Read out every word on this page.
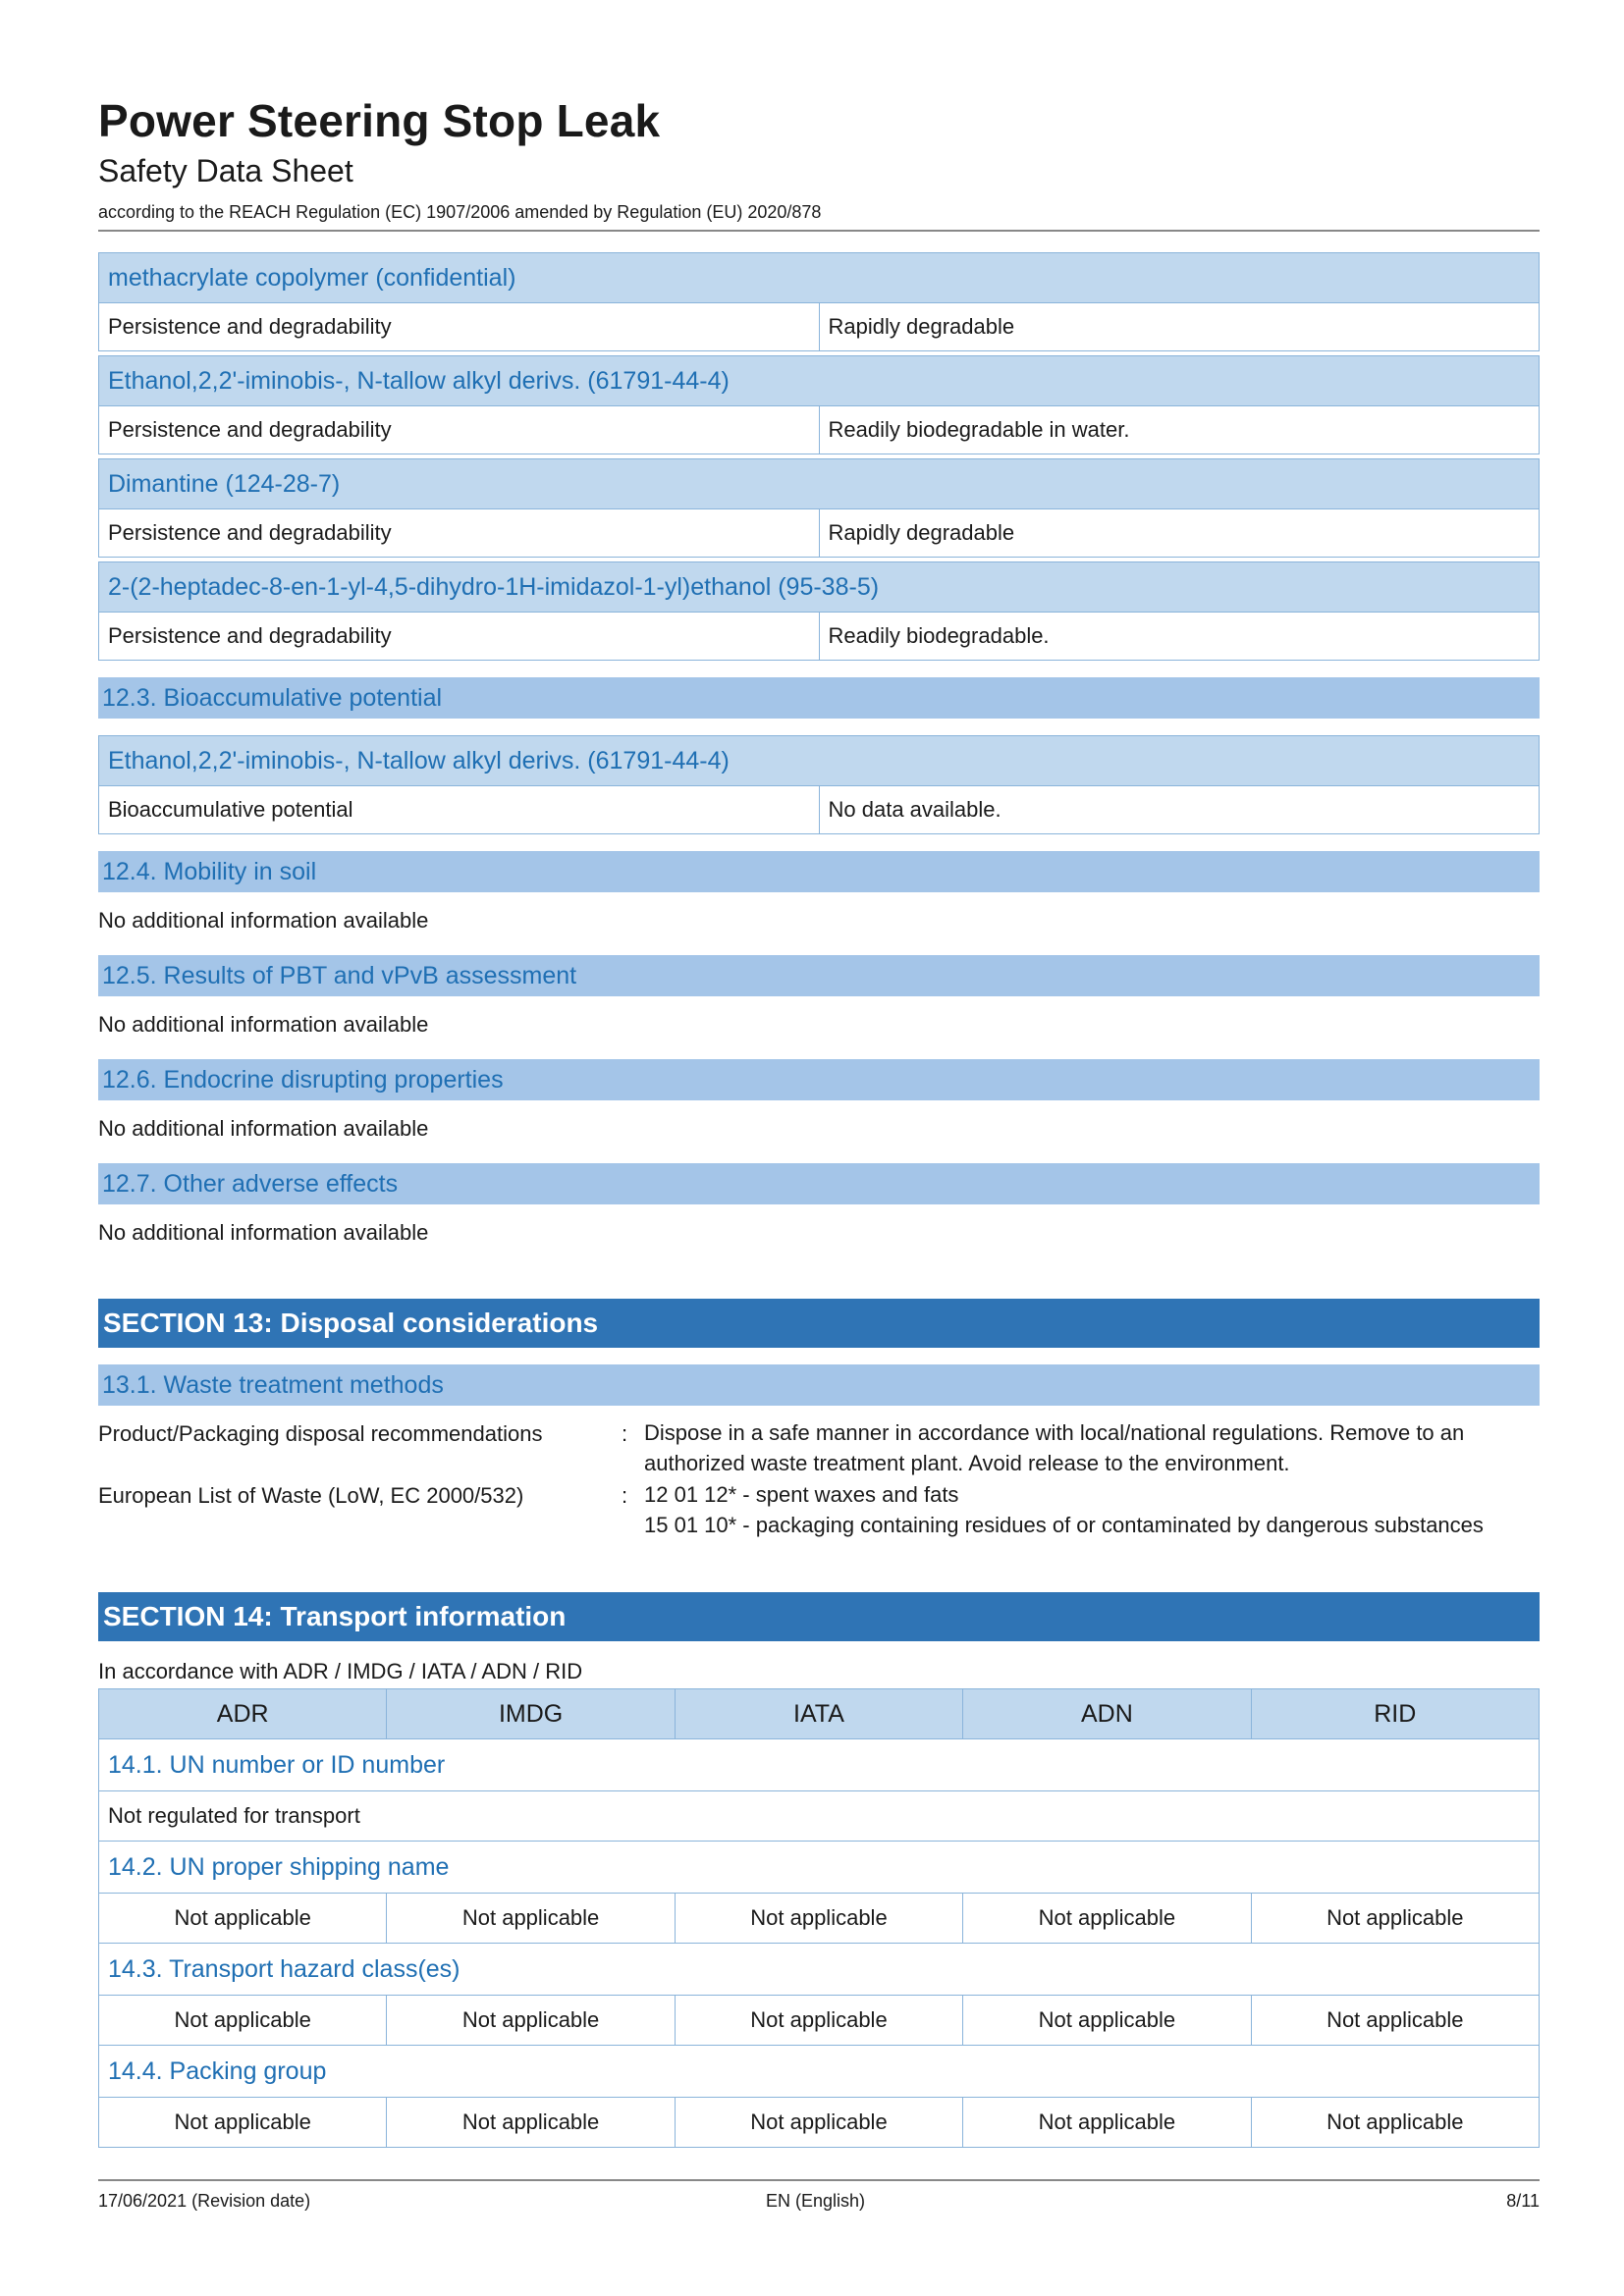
Power Steering Stop Leak
Safety Data Sheet
according to the REACH Regulation (EC) 1907/2006 amended by Regulation (EU) 2020/878
methacrylate copolymer (confidential)
Persistence and degradability	Rapidly degradable
Ethanol,2,2'-iminobis-, N-tallow alkyl derivs. (61791-44-4)
Persistence and degradability	Readily biodegradable in water.
Dimantine (124-28-7)
Persistence and degradability	Rapidly degradable
2-(2-heptadec-8-en-1-yl-4,5-dihydro-1H-imidazol-1-yl)ethanol (95-38-5)
Persistence and degradability	Readily biodegradable.
12.3. Bioaccumulative potential
Ethanol,2,2'-iminobis-, N-tallow alkyl derivs. (61791-44-4)
Bioaccumulative potential	No data available.
12.4. Mobility in soil
No additional information available
12.5. Results of PBT and vPvB assessment
No additional information available
12.6. Endocrine disrupting properties
No additional information available
12.7. Other adverse effects
No additional information available
SECTION 13: Disposal considerations
13.1. Waste treatment methods
Product/Packaging disposal recommendations	: Dispose in a safe manner in accordance with local/national regulations. Remove to an
authorized waste treatment plant. Avoid release to the environment.
European List of Waste (LoW, EC 2000/532)	: 12 01 12* - spent waxes and fats
15 01 10* - packaging containing residues of or contaminated by dangerous substances
SECTION 14: Transport information
In accordance with ADR / IMDG / IATA / ADN / RID
ADR	IMDG	IATA	ADN	RID
14.1. UN number or ID number				
Not regulated for transport				
14.2. UN proper shipping name				
Not applicable	Not applicable	Not applicable	Not applicable	Not applicable
14.3. Transport hazard class(es)				
Not applicable	Not applicable	Not applicable	Not applicable	Not applicable
14.4. Packing group				
Not applicable	Not applicable	Not applicable	Not applicable	Not applicable
17/06/2021 (Revision date)	EN (English)	8/11
